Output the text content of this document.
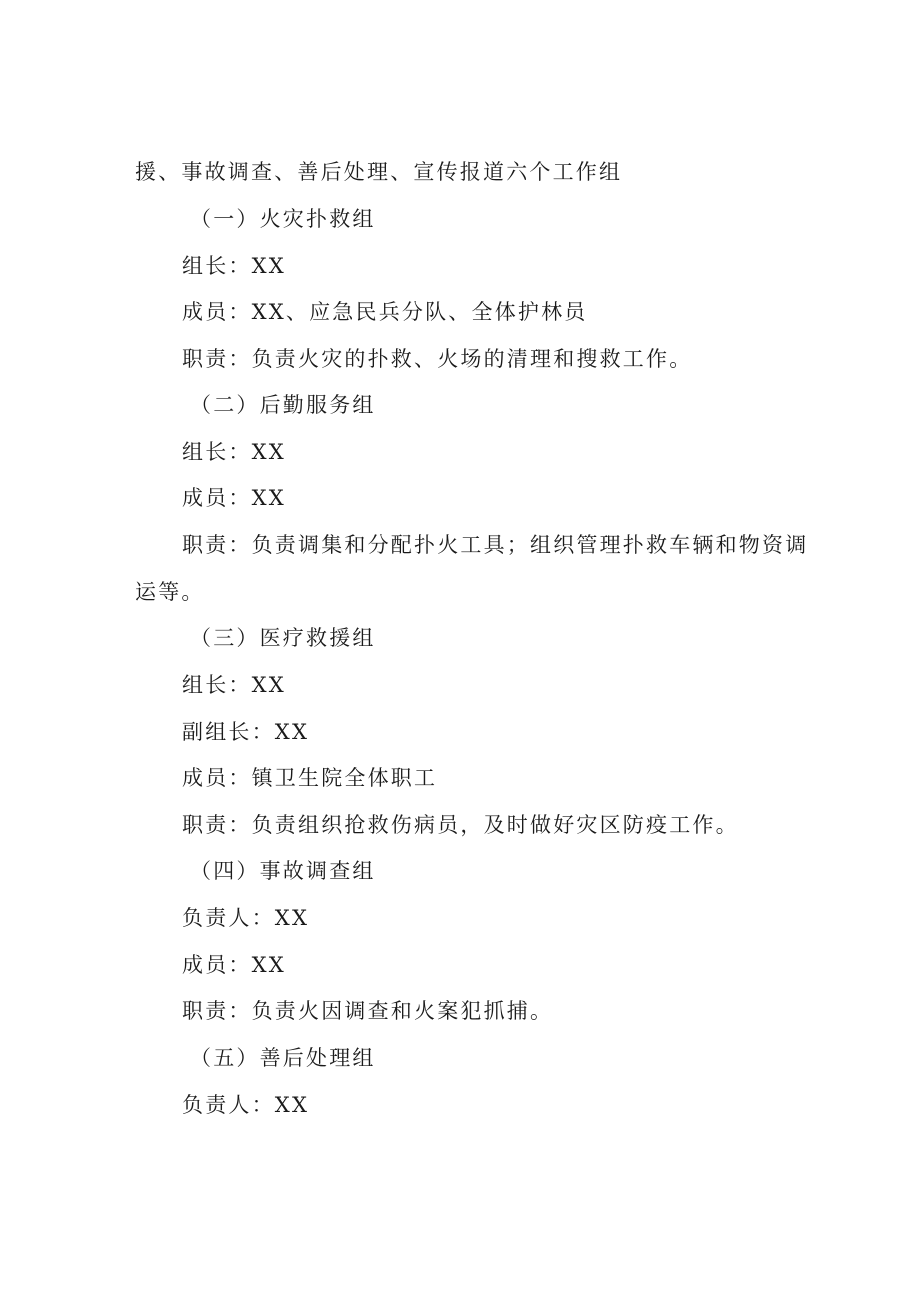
援、事故调查、善后处理、宣传报道六个工作组

（一）火灾扑救组

组长：XX

成员：XX、应急民兵分队、全体护林员

职责：负责火灾的扑救、火场的清理和搜救工作。

（二）后勤服务组

组长：XX

成员：XX

职责：负责调集和分配扑火工具；组织管理扑救车辆和物资调

运等。

（三）医疗救援组

组长：XX

副组长：XX

成员：镇卫生院全体职工

职责：负责组织抢救伤病员，及时做好灾区防疫工作。

（四）事故调查组

负责人：XX

成员：XX

职责：负责火因调查和火案犯抓捕。

（五）善后处理组

负责人：XX
